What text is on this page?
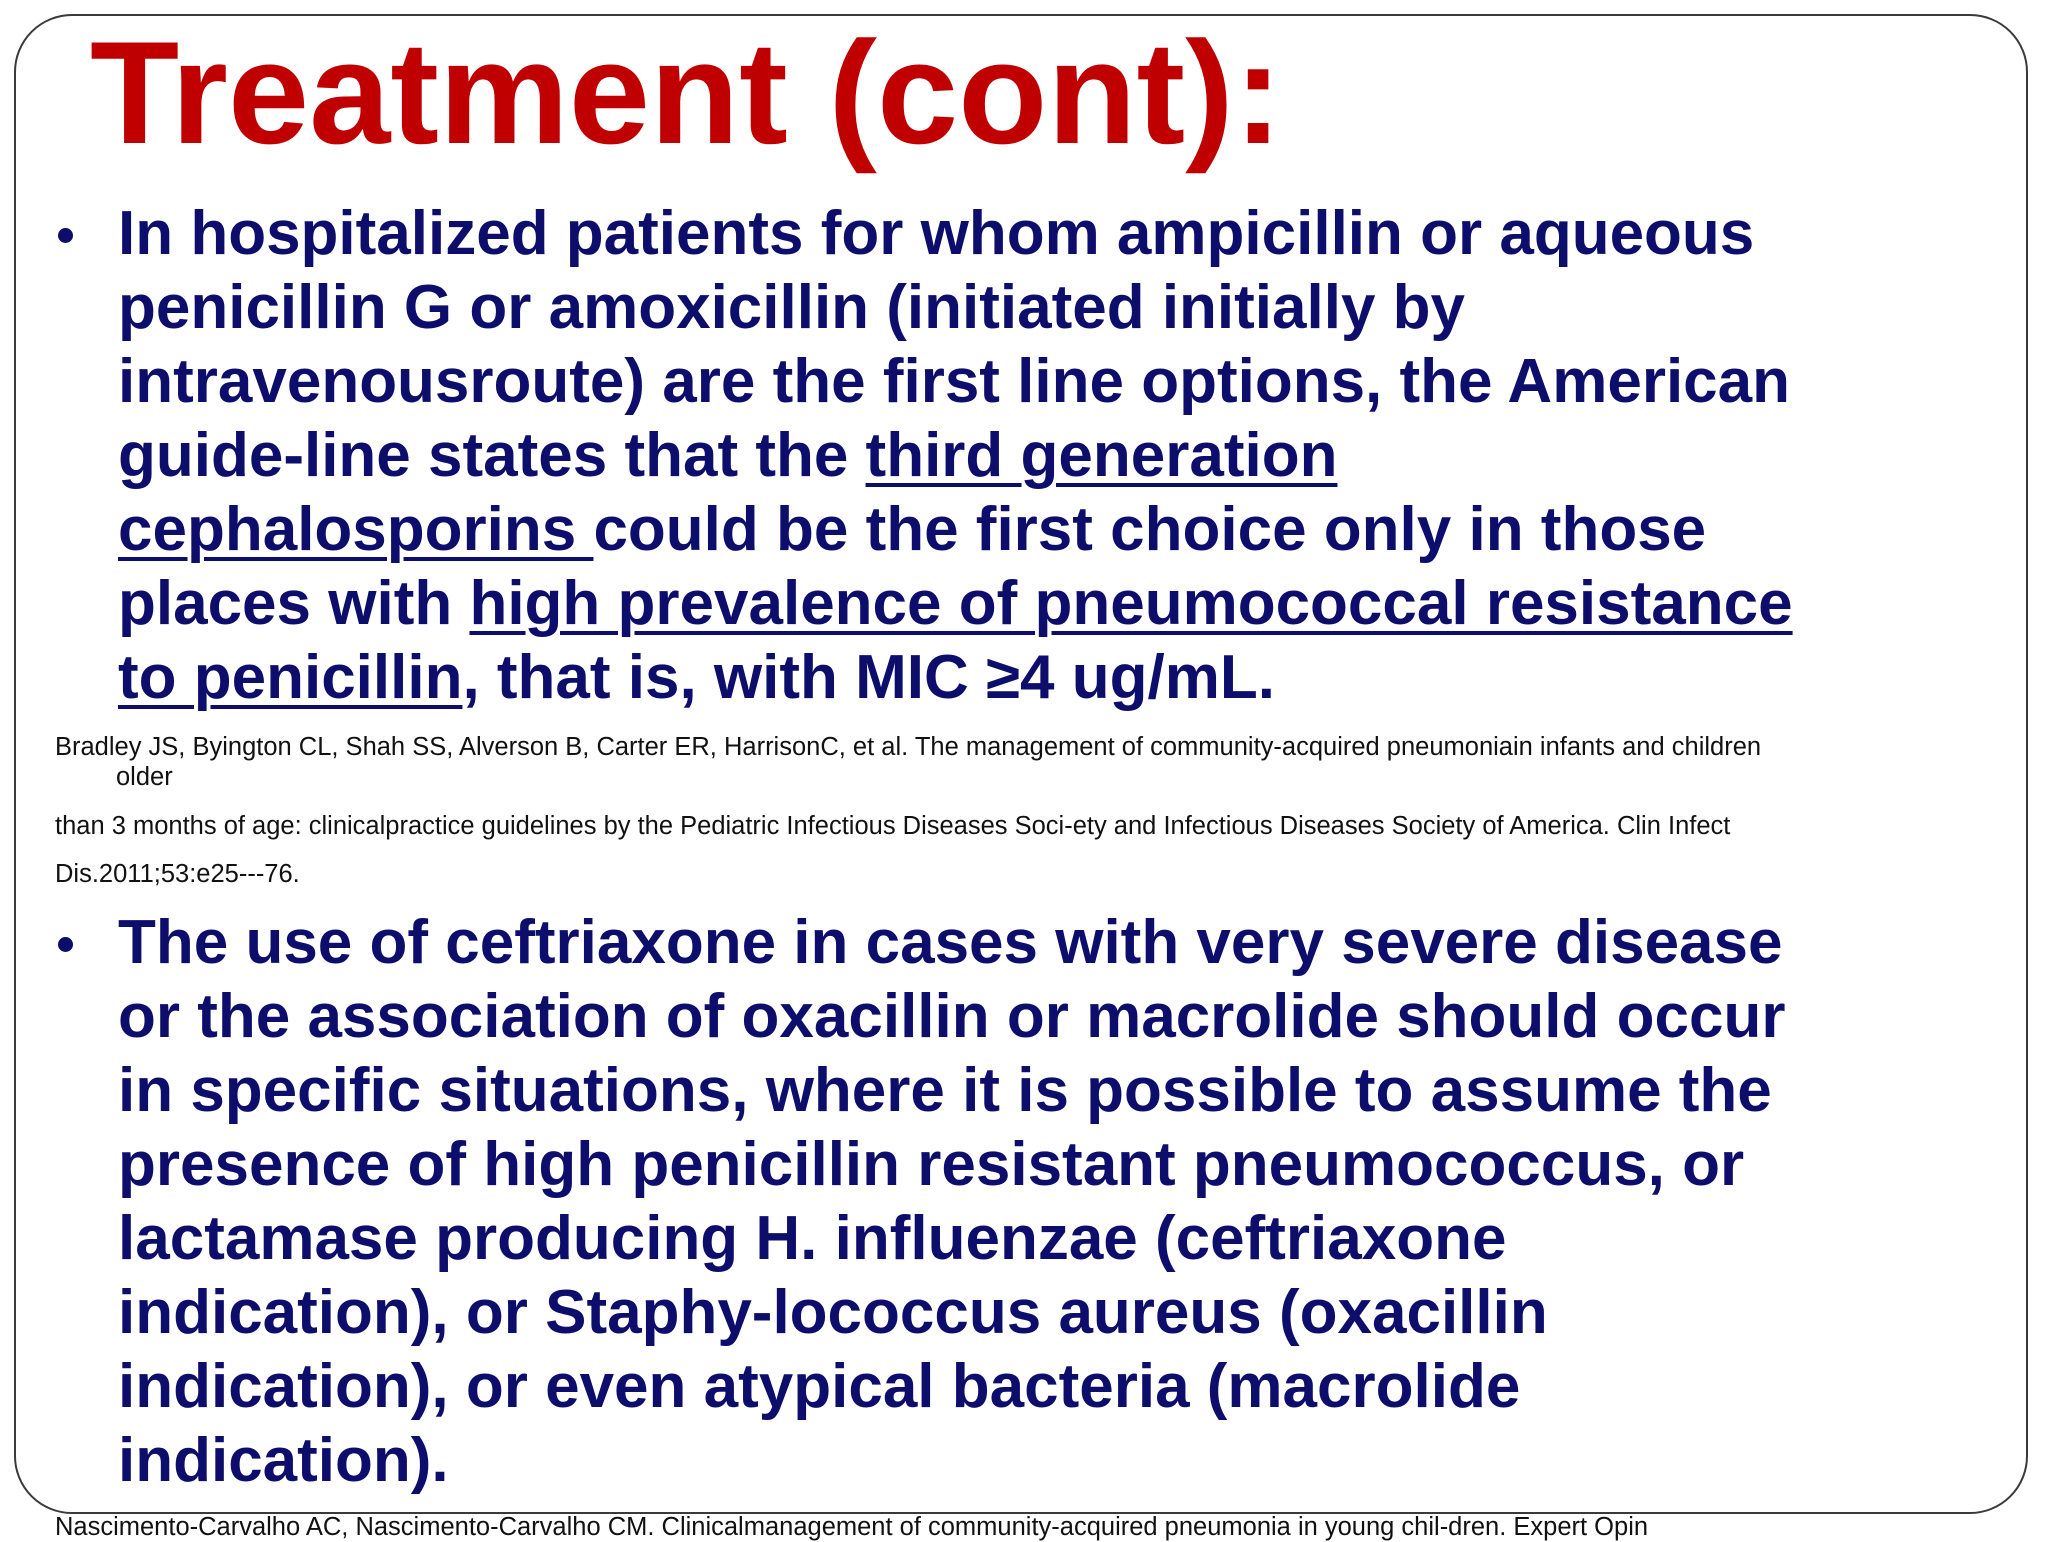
Treatment (cont):
In hospitalized patients for whom ampicillin or aqueous
penicillin G or amoxicillin (initiated initially by
intravenousroute) are the first line options, the American
guide-line states that the third generation
cephalosporins could be the first choice only in those
places with high prevalence of pneumococcal resistance
to penicillin, that is, with MIC ≥4 ug/mL.

Bradley JS, Byington CL, Shah SS, Alverson B, Carter ER, HarrisonC, et al. The management of community-acquired pneumoniain infants and children

older

than 3 months of age: clinicalpractice guidelines by the Pediatric Infectious Diseases Soci-ety and Infectious Diseases Society of America. Clin Infect

Dis.2011;53:e25---76.

The use of ceftriaxone in cases with very severe disease
or the association of oxacillin or macrolide should occur
in specific situations, where it is possible to assume the
presence of high penicillin resistant pneumococcus, or
lactamase producing H. influenzae (ceftriaxone
indication), or Staphy-lococcus aureus (oxacillin
indication), or even atypical bacteria (macrolide
indication).

Nascimento-Carvalho AC, Nascimento-Carvalho CM. Clinicalmanagement of community-acquired pneumonia in young chil-dren. Expert Opin
